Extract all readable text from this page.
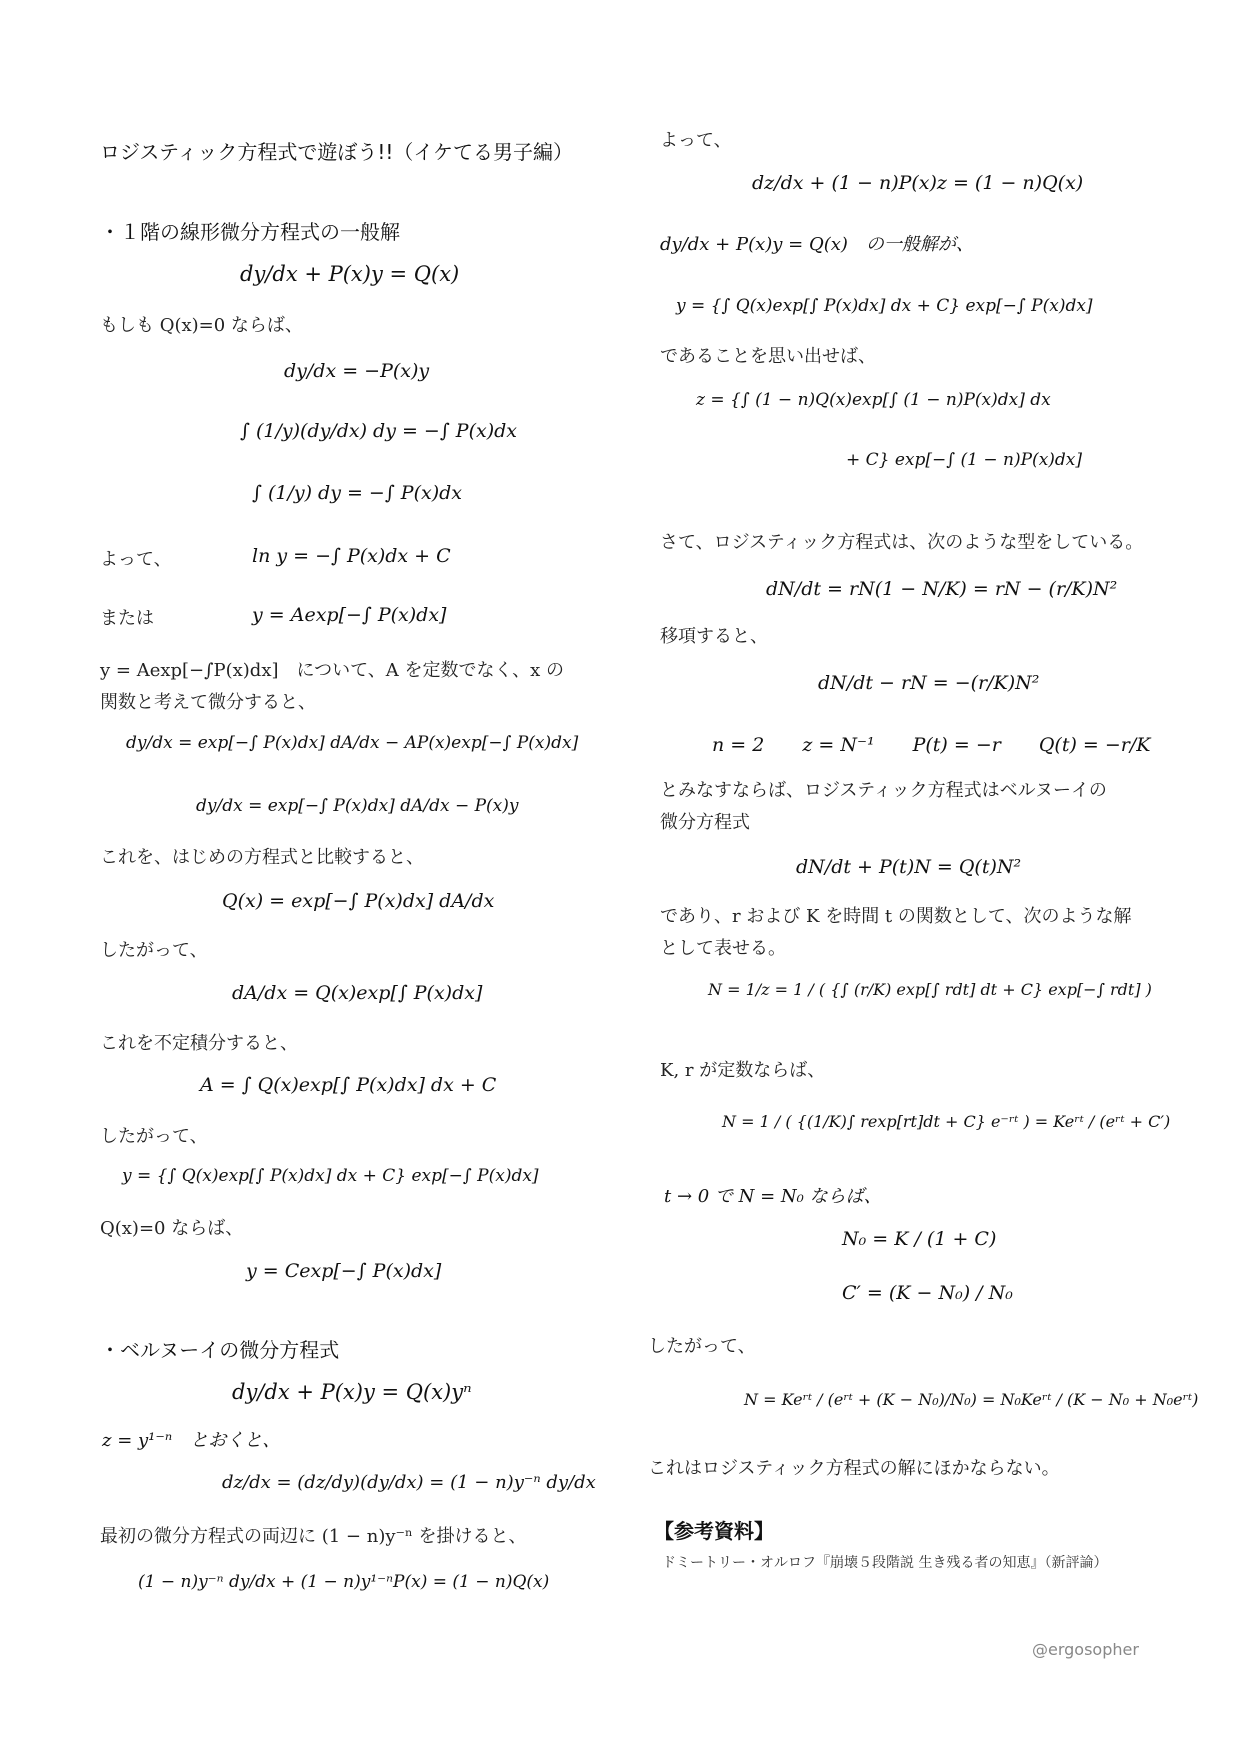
ロジスティック方程式で遊ぼう!!（イケてる男子編）
・１階の線形微分方程式の一般解
dy/dx + P(x)y = Q(x)
もしも Q(x)=0 ならば、
dy/dx = −P(x)y
∫ (1/y)(dy/dx) dy = −∫ P(x)dx
∫ (1/y) dy = −∫ P(x)dx
よって、	ln y = −∫ P(x)dx + C
または	y = Aexp[−∫ P(x)dx]
y = Aexp[−∫P(x)dx]　について、A を定数でなく、x の
関数と考えて微分すると、
dy/dx = exp[−∫ P(x)dx] dA/dx − AP(x)exp[−∫ P(x)dx]
dy/dx = exp[−∫ P(x)dx] dA/dx − P(x)y
これを、はじめの方程式と比較すると、
Q(x) = exp[−∫ P(x)dx] dA/dx
したがって、
dA/dx = Q(x)exp[∫ P(x)dx]
これを不定積分すると、
A = ∫ Q(x)exp[∫ P(x)dx] dx + C
したがって、
y = {∫ Q(x)exp[∫ P(x)dx] dx + C} exp[−∫ P(x)dx]
Q(x)=0 ならば、
y = Cexp[−∫ P(x)dx]
・ベルヌーイの微分方程式
dy/dx + P(x)y = Q(x)yⁿ
z = y¹⁻ⁿ　とおくと、
dz/dx = (dz/dy)(dy/dx) = (1 − n)y⁻ⁿ dy/dx
最初の微分方程式の両辺に (1 − n)y⁻ⁿ を掛けると、
(1 − n)y⁻ⁿ dy/dx + (1 − n)y¹⁻ⁿP(x) = (1 − n)Q(x)
よって、
dz/dx + (1 − n)P(x)z = (1 − n)Q(x)
dy/dx + P(x)y = Q(x)　の一般解が、
y = {∫ Q(x)exp[∫ P(x)dx] dx + C} exp[−∫ P(x)dx]
であることを思い出せば、
z = {∫ (1 − n)Q(x)exp[∫ (1 − n)P(x)dx] dx
+ C} exp[−∫ (1 − n)P(x)dx]
さて、ロジスティック方程式は、次のような型をしている。
dN/dt = rN(1 − N/K) = rN − (r/K)N²
移項すると、
dN/dt − rN = −(r/K)N²
n = 2　　z = N⁻¹　　P(t) = −r　　Q(t) = −r/K
とみなすならば、ロジスティック方程式はベルヌーイの
微分方程式
dN/dt + P(t)N = Q(t)N²
であり、r および K を時間 t の関数として、次のような解
として表せる。
N = 1/z = 1 / ( {∫ (r/K) exp[∫ rdt] dt + C} exp[−∫ rdt] )
K, r が定数ならば、
N = 1 / ( {(1/K)∫ rexp[rt]dt + C} e⁻ʳᵗ ) = Keʳᵗ / (eʳᵗ + C′)
t → 0 で N = N₀ ならば、
N₀ = K / (1 + C)
C′ = (K − N₀) / N₀
したがって、
N = Keʳᵗ / (eʳᵗ + (K − N₀)/N₀) = N₀Keʳᵗ / (K − N₀ + N₀eʳᵗ)
これはロジスティック方程式の解にほかならない。
【参考資料】
ドミートリー・オルロフ『崩壊５段階説 生き残る者の知恵』（新評論）
@ergosopher
